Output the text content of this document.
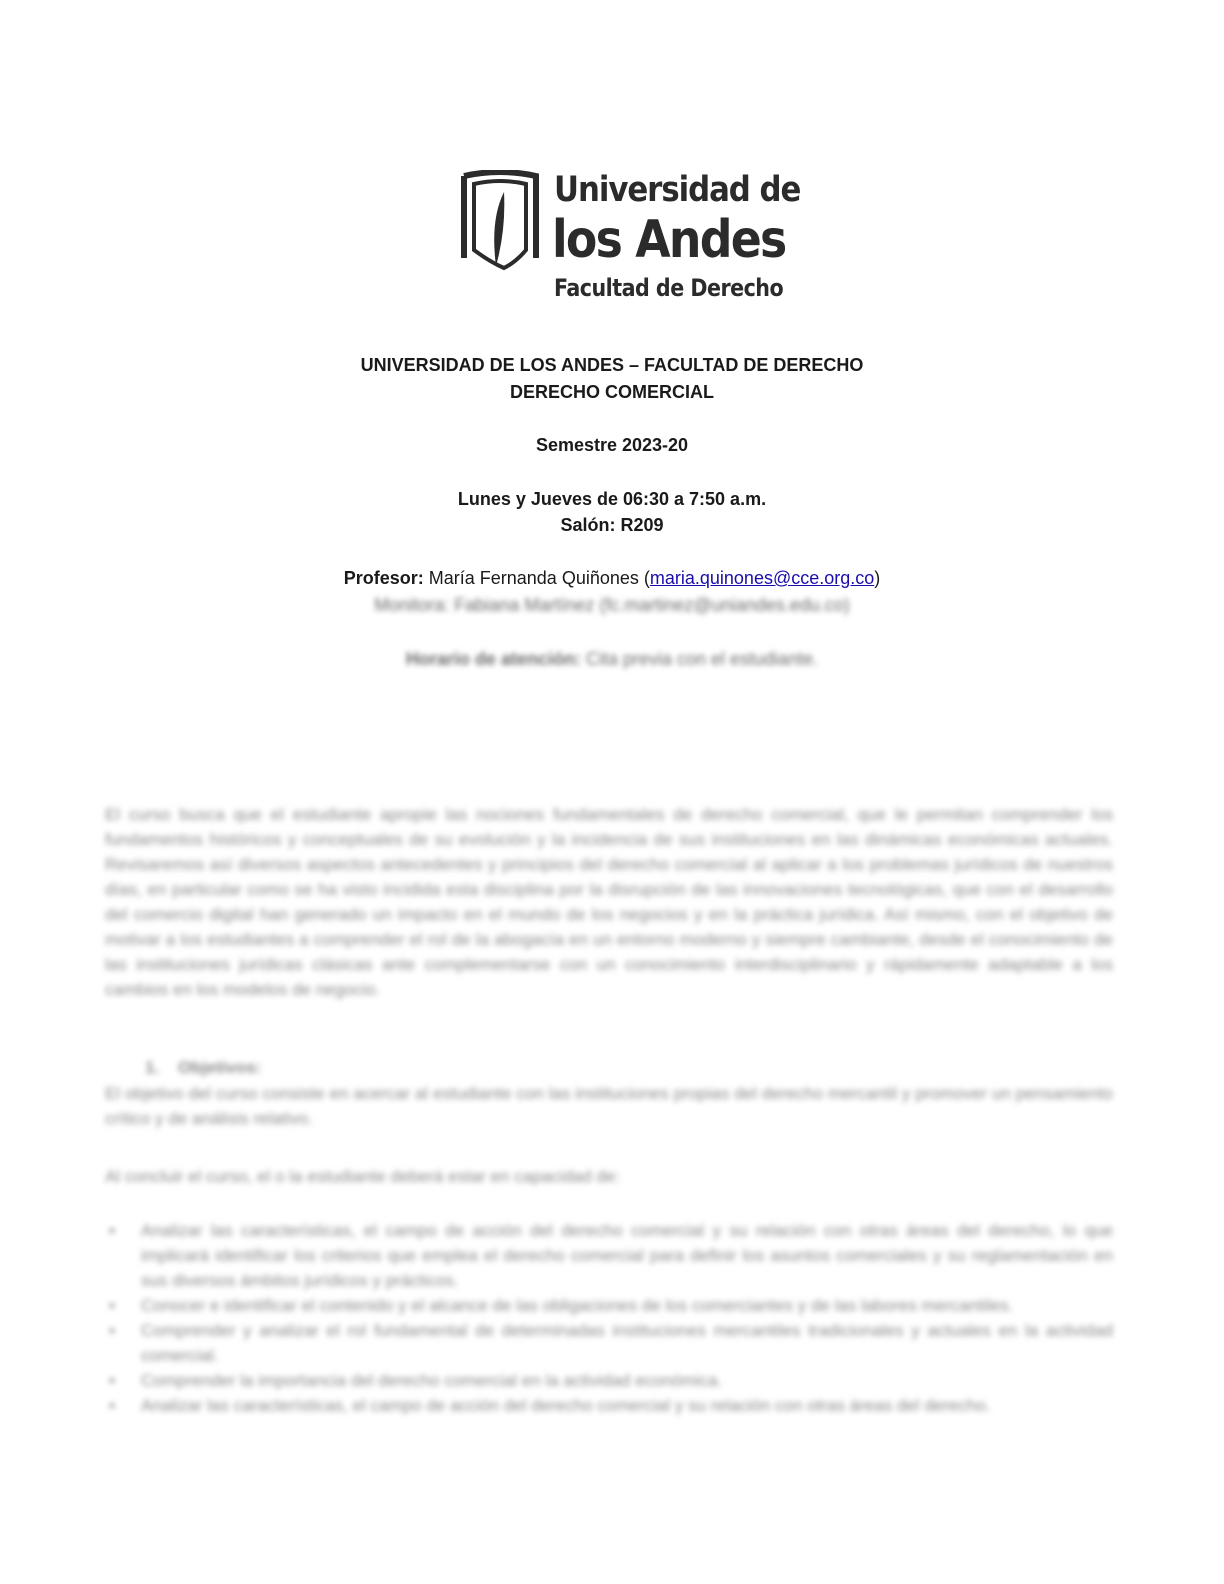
Universidad de
los Andes
Facultad de Derecho
UNIVERSIDAD DE LOS ANDES – FACULTAD DE DERECHO
DERECHO COMERCIAL
Semestre 2023-20
Lunes y Jueves de 06:30 a 7:50 a.m.
Salón: R209
Profesor: María Fernanda Quiñones (maria.quinones@cce.org.co)
Monitora: Fabiana Martínez (fc.martinez@uniandes.edu.co)
Horario de atención: Cita previa con el estudiante.
El curso busca que el estudiante apropie las nociones fundamentales de derecho comercial, que le permitan comprender los fundamentos históricos y conceptuales de su evolución y la incidencia de sus instituciones en las dinámicas económicas actuales. Revisaremos así diversos aspectos antecedentes y principios del derecho comercial al aplicar a los problemas jurídicos de nuestros días, en particular como se ha visto incidida esta disciplina por la disrupción de las innovaciones tecnológicas, que con el desarrollo del comercio digital han generado un impacto en el mundo de los negocios y en la práctica jurídica. Así mismo, con el objetivo de motivar a los estudiantes a comprender el rol de la abogacía en un entorno moderno y siempre cambiante, desde el conocimiento de las instituciones jurídicas clásicas ante complementarse con un conocimiento interdisciplinario y rápidamente adaptable a los cambios en los modelos de negocio.
1. Objetivos:
El objetivo del curso consiste en acercar al estudiante con las instituciones propias del derecho mercantil y promover un pensamiento crítico y de análisis relativo.
Al concluir el curso, el o la estudiante deberá estar en capacidad de:
▪ Analizar las características, el campo de acción del derecho comercial y su relación con otras áreas del derecho, lo que implicará identificar los criterios que emplea el derecho comercial para definir los asuntos comerciales y su reglamentación en sus diversos ámbitos jurídicos y prácticos.
▪ Conocer e identificar el contenido y el alcance de las obligaciones de los comerciantes y de las labores mercantiles.
▪ Comprender y analizar el rol fundamental de determinadas instituciones mercantiles tradicionales y actuales en la actividad comercial.
▪ Comprender la importancia del derecho comercial en la actividad económica.
▪ Analizar las características, el campo de acción del derecho comercial y su relación con otras áreas del derecho.
